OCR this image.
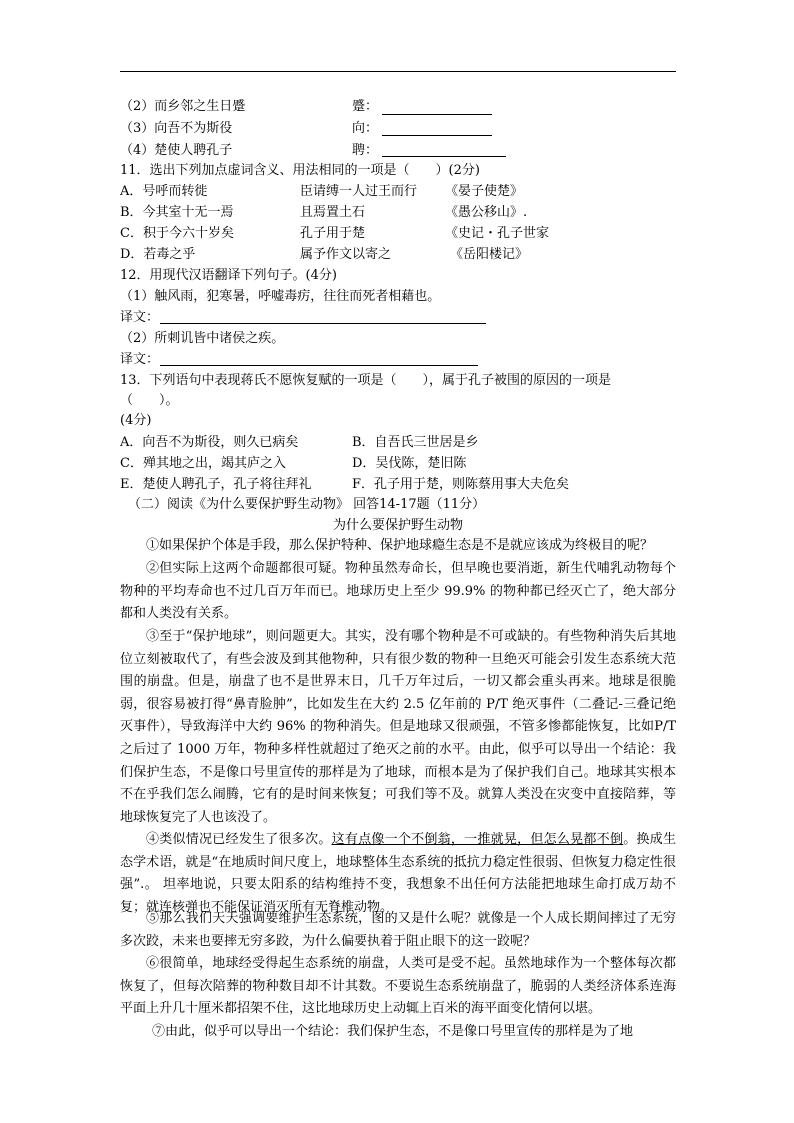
（2）而乡邻之生日蹙	蹙：
（3）向吾不为斯役	向：
（4）楚使人聘孔子	聘：
11．选出下列加点虚词含义、用法相同的一项是（　　）(2分)
A．号呼而转徙	臣请缚一人过王而行 《晏子使楚》
B．今其室十无一焉	且焉置土石	《愚公移山》.
C．积于今六十岁矣	孔子用于楚	《史记・孔子世家
D．若毒之乎	属予作文以寄之	《岳阳楼记》
12．用现代汉语翻译下列句子。(4分)
（1）触风雨，犯寒暑，呼嘘毒疠，往往而死者相藉也。
译文：
（2）所刺讥皆中诸侯之疾。
译文：
13．下列语句中表现蒋氏不愿恢复赋的一项是（　　），属于孔子被围的原因的一项是
（　　）。
(4分)
A．向吾不为斯役，则久已病矣	B．自吾氏三世居是乡
C．殚其地之出，竭其庐之入	D．吴伐陈，楚旧陈
E．楚使人聘孔子，孔子将往拜礼	F．孔子用于楚，则陈蔡用事大夫危矣
（二）阅读《为什么要保护野生动物》 回答14-17题（11分）
为什么要保护野生动物
①如果保护个体是手段，那么保护特种、保护地球瘾生态是不是就应该成为终极目的呢？
②但实际上这两个命题都很可疑。物种虽然寿命长，但早晚也要消逝，新生代哺乳动物每个物种的平均寿命也不过几百万年而已。地球历史上至少 99.9% 的物种都已经灭亡了，绝大部分都和人类没有关系。
③至于“保护地球”，则问题更大。其实，没有哪个物种是不可或缺的。有些物种消失后其地位立刻被取代了，有些会波及到其他物种，只有很少数的物种一旦绝灭可能会引发生态系统大范围的崩盘。但是，崩盘了也不是世界末日，几千万年过后，一切又都会重头再来。地球是很脆弱，很容易被打得“鼻青脸肿”，比如发生在大约 2.5 亿年前的 P/T 绝灭事件（二叠记-三叠记绝灭事件），导致海洋中大约 96% 的物种消失。但是地球又很顽强，不管多惨都能恢复，比如P/T 之后过了 1000 万年，物种多样性就超过了绝灭之前的水平。由此，似乎可以导出一个结论：我们保护生态，不是像口号里宣传的那样是为了地球，而根本是为了保护我们自己。地球其实根本不在乎我们怎么闹腾，它有的是时间来恢复；可我们等不及。就算人类没在灾变中直接陪葬，等地球恢复完了人也该没了。
④类似情况已经发生了很多次。这有点像一个不倒翁，一推就晃，但怎么晃都不倒。换成生态学术语，就是“在地质时间尺度上，地球整体生态系统的抵抗力稳定性很弱、但恢复力稳定性很强”.。 坦率地说，只要太阳系的结构维持不变，我想象不出任何方法能把地球生命打成万劫不复；就连核弹也不能保证消灭所有无脊椎动物。
⑤那么我们天天强调要维护生态系统，图的又是什么呢？就像是一个人成长期间摔过了无穷多次跤，未来也要摔无穷多跤，为什么偏要执着于阻止眼下的这一跤呢？
⑥很简单，地球经受得起生态系统的崩盘，人类可是受不起。虽然地球作为一个整体每次都恢复了，但每次陪葬的物种数目却不计其数。不要说生态系统崩盘了，脆弱的人类经济体系连海平面上升几十厘米都招架不住，这比地球历史上动辄上百米的海平面变化情何以堪。
⑦由此，似乎可以导出一个结论：我们保护生态，不是像口号里宣传的那样是为了地
